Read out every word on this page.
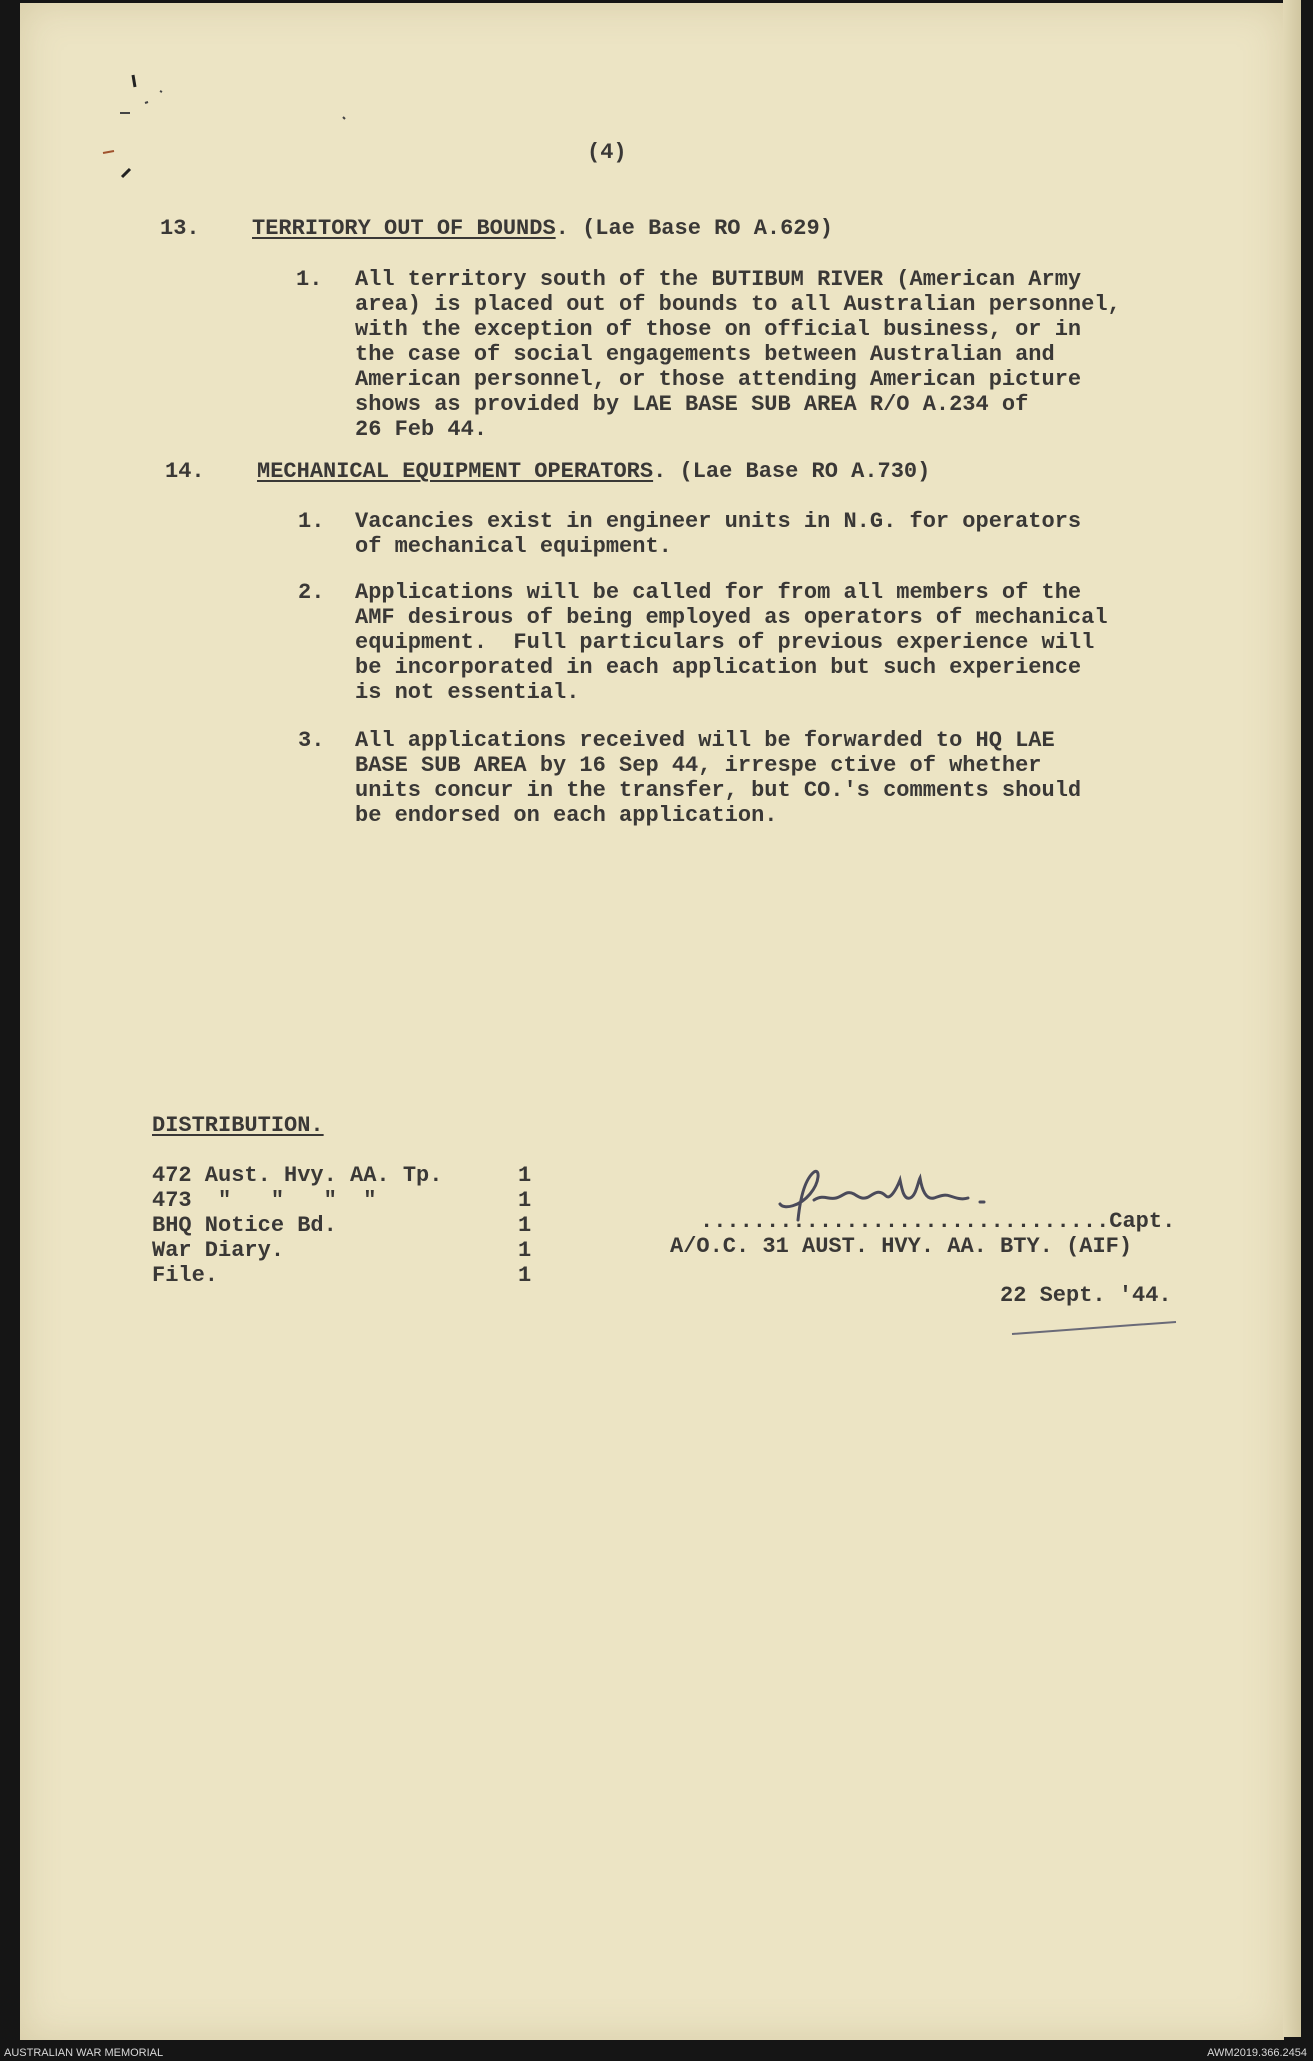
(4)
13. TERRITORY OUT OF BOUNDS. (Lae Base RO A.629)
1. All territory south of the BUTIBUM RIVER (American Army
area) is placed out of bounds to all Australian personnel,
with the exception of those on official business, or in
the case of social engagements between Australian and
American personnel, or those attending American picture
shows as provided by LAE BASE SUB AREA R/O A.234 of
26 Feb 44.
14. MECHANICAL EQUIPMENT OPERATORS. (Lae Base RO A.730)
1. Vacancies exist in engineer units in N.G. for operators
of mechanical equipment.
2. Applications will be called for from all members of the
AMF desirous of being employed as operators of mechanical
equipment.  Full particulars of previous experience will
be incorporated in each application but such experience
is not essential.
3. All applications received will be forwarded to HQ LAE
BASE SUB AREA by 16 Sep 44, irrespe ctive of whether
units concur in the transfer, but CO.'s comments should
be endorsed on each application.
DISTRIBUTION.
472 Aust. Hvy. AA. Tp.	1
473  "   "   "  "	1
BHQ Notice Bd.	1
War Diary.	1
File.	1
...............................Capt.
A/O.C. 31 AUST. HVY. AA. BTY. (AIF)
22 Sept. '44.
AUSTRALIAN WAR MEMORIAL	AWM2019.366.2454
